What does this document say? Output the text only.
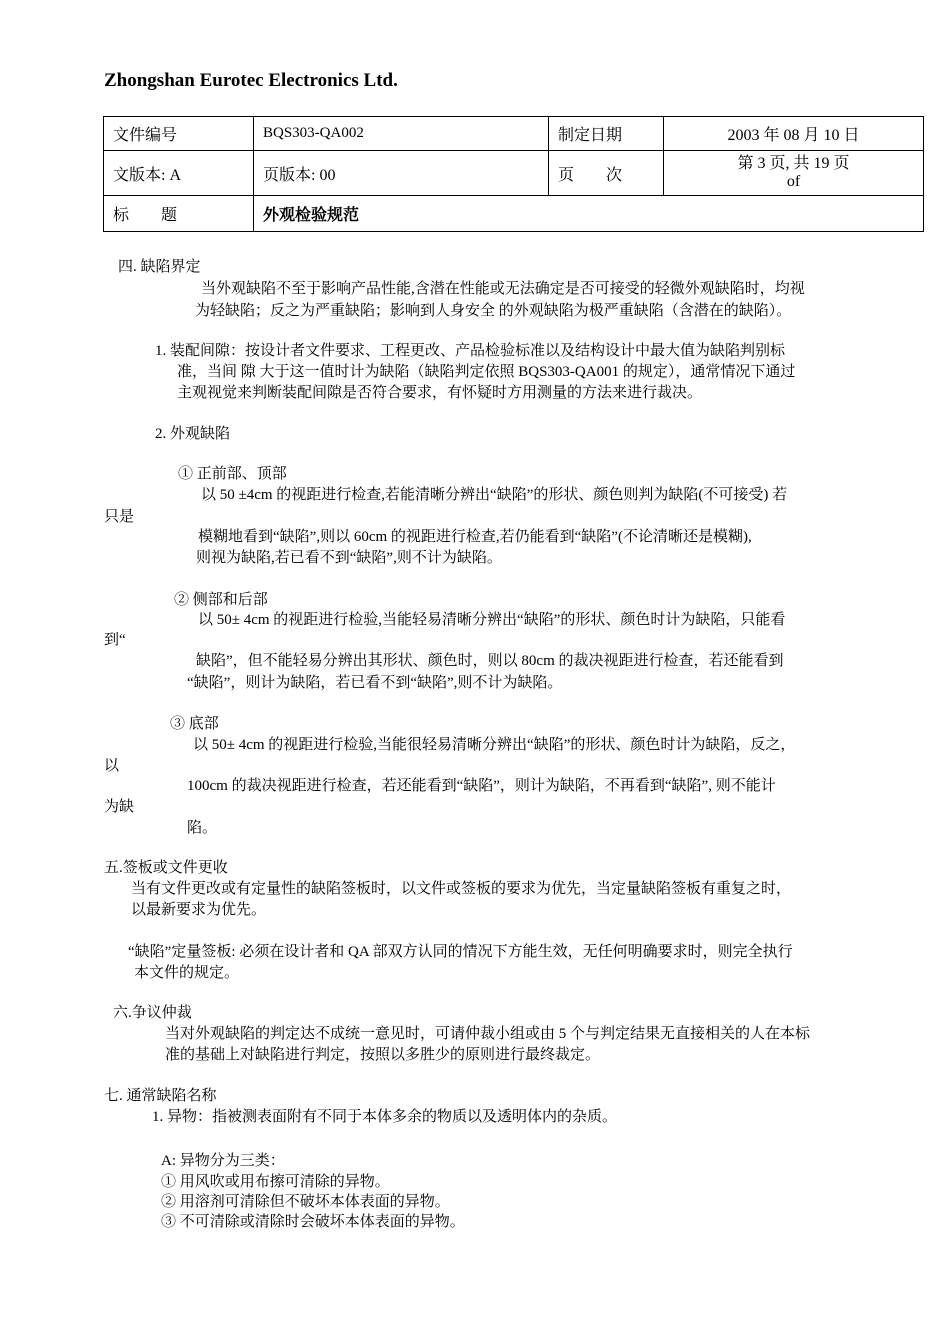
Zhongshan Eurotec Electronics Ltd.
文件编号	BQS303-QA002	制定日期	2003 年 08 月 10 日
文版本: A	页版本: 00	页　　次	第 3 页, 共 19 页
of

标　　题	外观检验规范		
四. 缺陷界定
当外观缺陷不至于影响产品性能,含潜在性能或无法确定是否可接受的轻微外观缺陷时，均视
为轻缺陷；反之为严重缺陷；影响到人身安全 的外观缺陷为极严重缺陷（含潜在的缺陷）。
1. 装配间隙：按设计者文件要求、工程更改、产品检验标准以及结构设计中最大值为缺陷判别标
准，当间 隙 大于这一值时计为缺陷（缺陷判定依照 BQS303-QA001 的规定），通常情况下通过
主观视觉来判断装配间隙是否符合要求，有怀疑时方用测量的方法来进行裁决。
2. 外观缺陷
① 正前部、顶部
以 50 ±4cm 的视距进行检查,若能清晰分辨出“缺陷”的形状、颜色则判为缺陷(不可接受) 若
只是
模糊地看到“缺陷”,则以 60cm 的视距进行检查,若仍能看到“缺陷”(不论清晰还是模糊),
则视为缺陷,若已看不到“缺陷”,则不计为缺陷。
② 侧部和后部
以 50± 4cm 的视距进行检验,当能轻易清晰分辨出“缺陷”的形状、颜色时计为缺陷，只能看
到“
缺陷”，但不能轻易分辨出其形状、颜色时，则以 80cm 的裁决视距进行检查，若还能看到
“缺陷”，则计为缺陷，若已看不到“缺陷”,则不计为缺陷。
③ 底部
以 50± 4cm 的视距进行检验,当能很轻易清晰分辨出“缺陷”的形状、颜色时计为缺陷，反之，
以
100cm 的裁决视距进行检查，若还能看到“缺陷”，则计为缺陷，不再看到“缺陷”, 则不能计
为缺
陷。
五.签板或文件更收
当有文件更改或有定量性的缺陷签板时，以文件或签板的要求为优先，当定量缺陷签板有重复之时，
以最新要求为优先。
“缺陷”定量签板: 必须在设计者和 QA 部双方认同的情况下方能生效，无任何明确要求时，则完全执行
本文件的规定。
六.争议仲裁
当对外观缺陷的判定达不成统一意见时，可请仲裁小组或由 5 个与判定结果无直接相关的人在本标
准的基础上对缺陷进行判定，按照以多胜少的原则进行最终裁定。
七. 通常缺陷名称
1. 异物：指被测表面附有不同于本体多余的物质以及透明体内的杂质。
A: 异物分为三类：
① 用风吹或用布擦可清除的异物。
② 用溶剂可清除但不破坏本体表面的异物。
③ 不可清除或清除时会破坏本体表面的异物。
